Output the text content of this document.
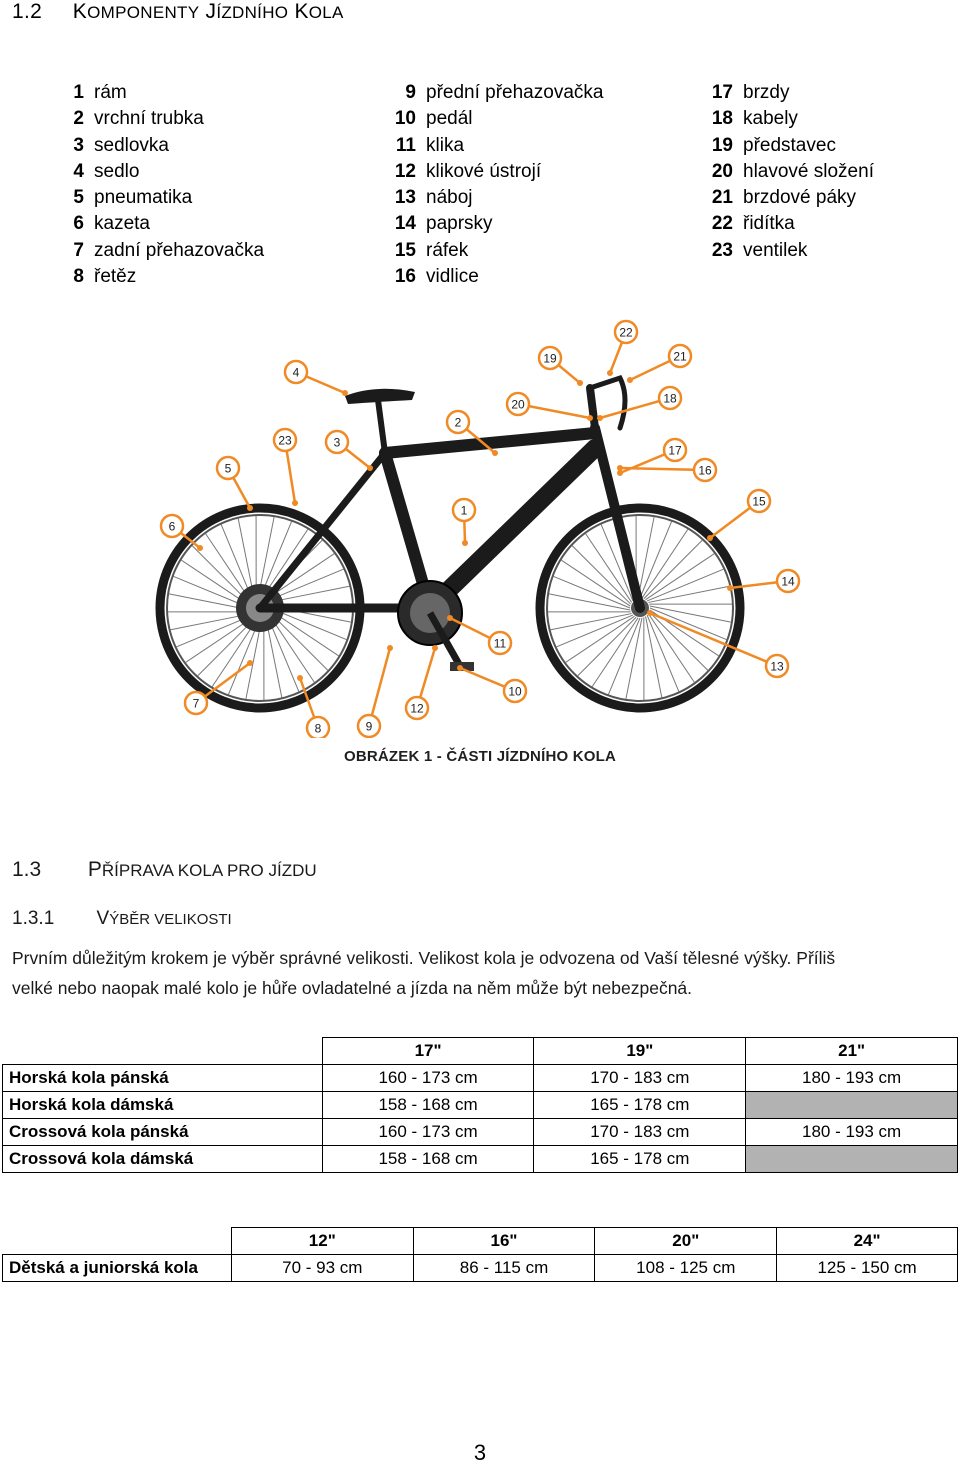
1.2 KOMPONENTY JÍZDNÍHO KOLA
1 rám
2 vrchní trubka
3 sedlovka
4 sedlo
5 pneumatika
6 kazeta
7 zadní přehazovačka
8 řetěz
9 přední přehazovačka
10 pedál
11 klika
12 klikové ústrojí
13 náboj
14 paprsky
15 ráfek
16 vidlice
17 brzdy
18 kabely
19 představec
20 hlavové složení
21 brzdové páky
22 řidítka
23 ventilek
WESTAC
1
2
3
4
5
6
7
8	9
10
11
12
13
14
15
16
17
18
19
20
21
22
23
OBRÁZEK 1 - ČÁSTI JÍZDNÍHO KOLA
1.3 PŘÍPRAVA KOLA PRO JÍZDU
1.3.1 VÝBĚR VELIKOSTI
Prvním důležitým krokem je výběr správné velikosti. Velikost kola je odvozena od Vaší tělesné výšky. Příliš
velké nebo naopak malé kolo je hůře ovladatelné a jízda na něm může být nebezpečná.
	17"	19"	21"
Horská kola pánská	160 - 173 cm	170 - 183 cm	180 - 193 cm
Horská kola dámská	158 - 168 cm	165 - 178 cm	
Crossová kola pánská	160 - 173 cm	170 - 183 cm	180 - 193 cm
Crossová kola dámská	158 - 168 cm	165 - 178 cm	
	12"	16"	20"	24"
Dětská a juniorská kola	70 - 93 cm	86 - 115 cm	108 - 125 cm	125 - 150 cm
3
